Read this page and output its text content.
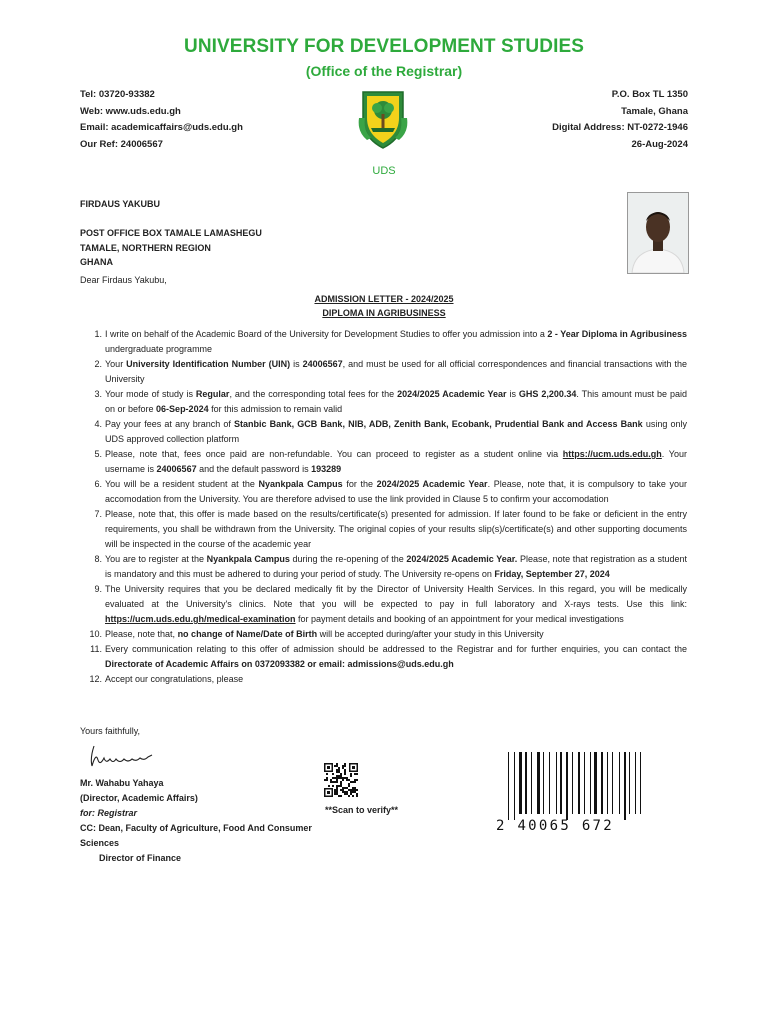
UNIVERSITY FOR DEVELOPMENT STUDIES
(Office of the Registrar)
Tel: 03720-93382
Web: www.uds.edu.gh
Email: academicaffairs@uds.edu.gh
Our Ref: 24006567
P.O. Box TL 1350
Tamale, Ghana
Digital Address: NT-0272-1946
26-Aug-2024
UDS
FIRDAUS YAKUBU
POST OFFICE BOX TAMALE LAMASHEGU
TAMALE, NORTHERN REGION
GHANA
Dear Firdaus Yakubu,
ADMISSION LETTER - 2024/2025
DIPLOMA IN AGRIBUSINESS
1. I write on behalf of the Academic Board of the University for Development Studies to offer you admission into a 2 - Year Diploma in Agribusiness undergraduate programme
2. Your University Identification Number (UIN) is 24006567, and must be used for all official correspondences and financial transactions with the University
3. Your mode of study is Regular, and the corresponding total fees for the 2024/2025 Academic Year is GHS 2,200.34. This amount must be paid on or before 06-Sep-2024 for this admission to remain valid
4. Pay your fees at any branch of Stanbic Bank, GCB Bank, NIB, ADB, Zenith Bank, Ecobank, Prudential Bank and Access Bank using only UDS approved collection platform
5. Please, note that, fees once paid are non-refundable. You can proceed to register as a student online via https://ucm.uds.edu.gh. Your username is 24006567 and the default password is 193289
6. You will be a resident student at the Nyankpala Campus for the 2024/2025 Academic Year. Please, note that, it is compulsory to take your accomodation from the University. You are therefore advised to use the link provided in Clause 5 to confirm your accomodation
7. Please, note that, this offer is made based on the results/certificate(s) presented for admission. If later found to be fake or deficient in the entry requirements, you shall be withdrawn from the University. The original copies of your results slip(s)/certificate(s) and other supporting documents will be inspected in the course of the academic year
8. You are to register at the Nyankpala Campus during the re-opening of the 2024/2025 Academic Year. Please, note that registration as a student is mandatory and this must be adhered to during your period of study. The University re-opens on Friday, September 27, 2024
9. The University requires that you be declared medically fit by the Director of University Health Services. In this regard, you will be medically evaluated at the University's clinics. Note that you will be expected to pay in full laboratory and X-rays tests. Use this link: https://ucm.uds.edu.gh/medical-examination for payment details and booking of an appointment for your medical investigations
10. Please, note that, no change of Name/Date of Birth will be accepted during/after your study in this University
11. Every communication relating to this offer of admission should be addressed to the Registrar and for further enquiries, you can contact the Directorate of Academic Affairs on 0372093382 or email: admissions@uds.edu.gh
12. Accept our congratulations, please
Yours faithfully,
Mr. Wahabu Yahaya
(Director, Academic Affairs)
for: Registrar
CC: Dean, Faculty of Agriculture, Food And Consumer
Sciences
Director of Finance
**Scan to verify**
2 40065 672
